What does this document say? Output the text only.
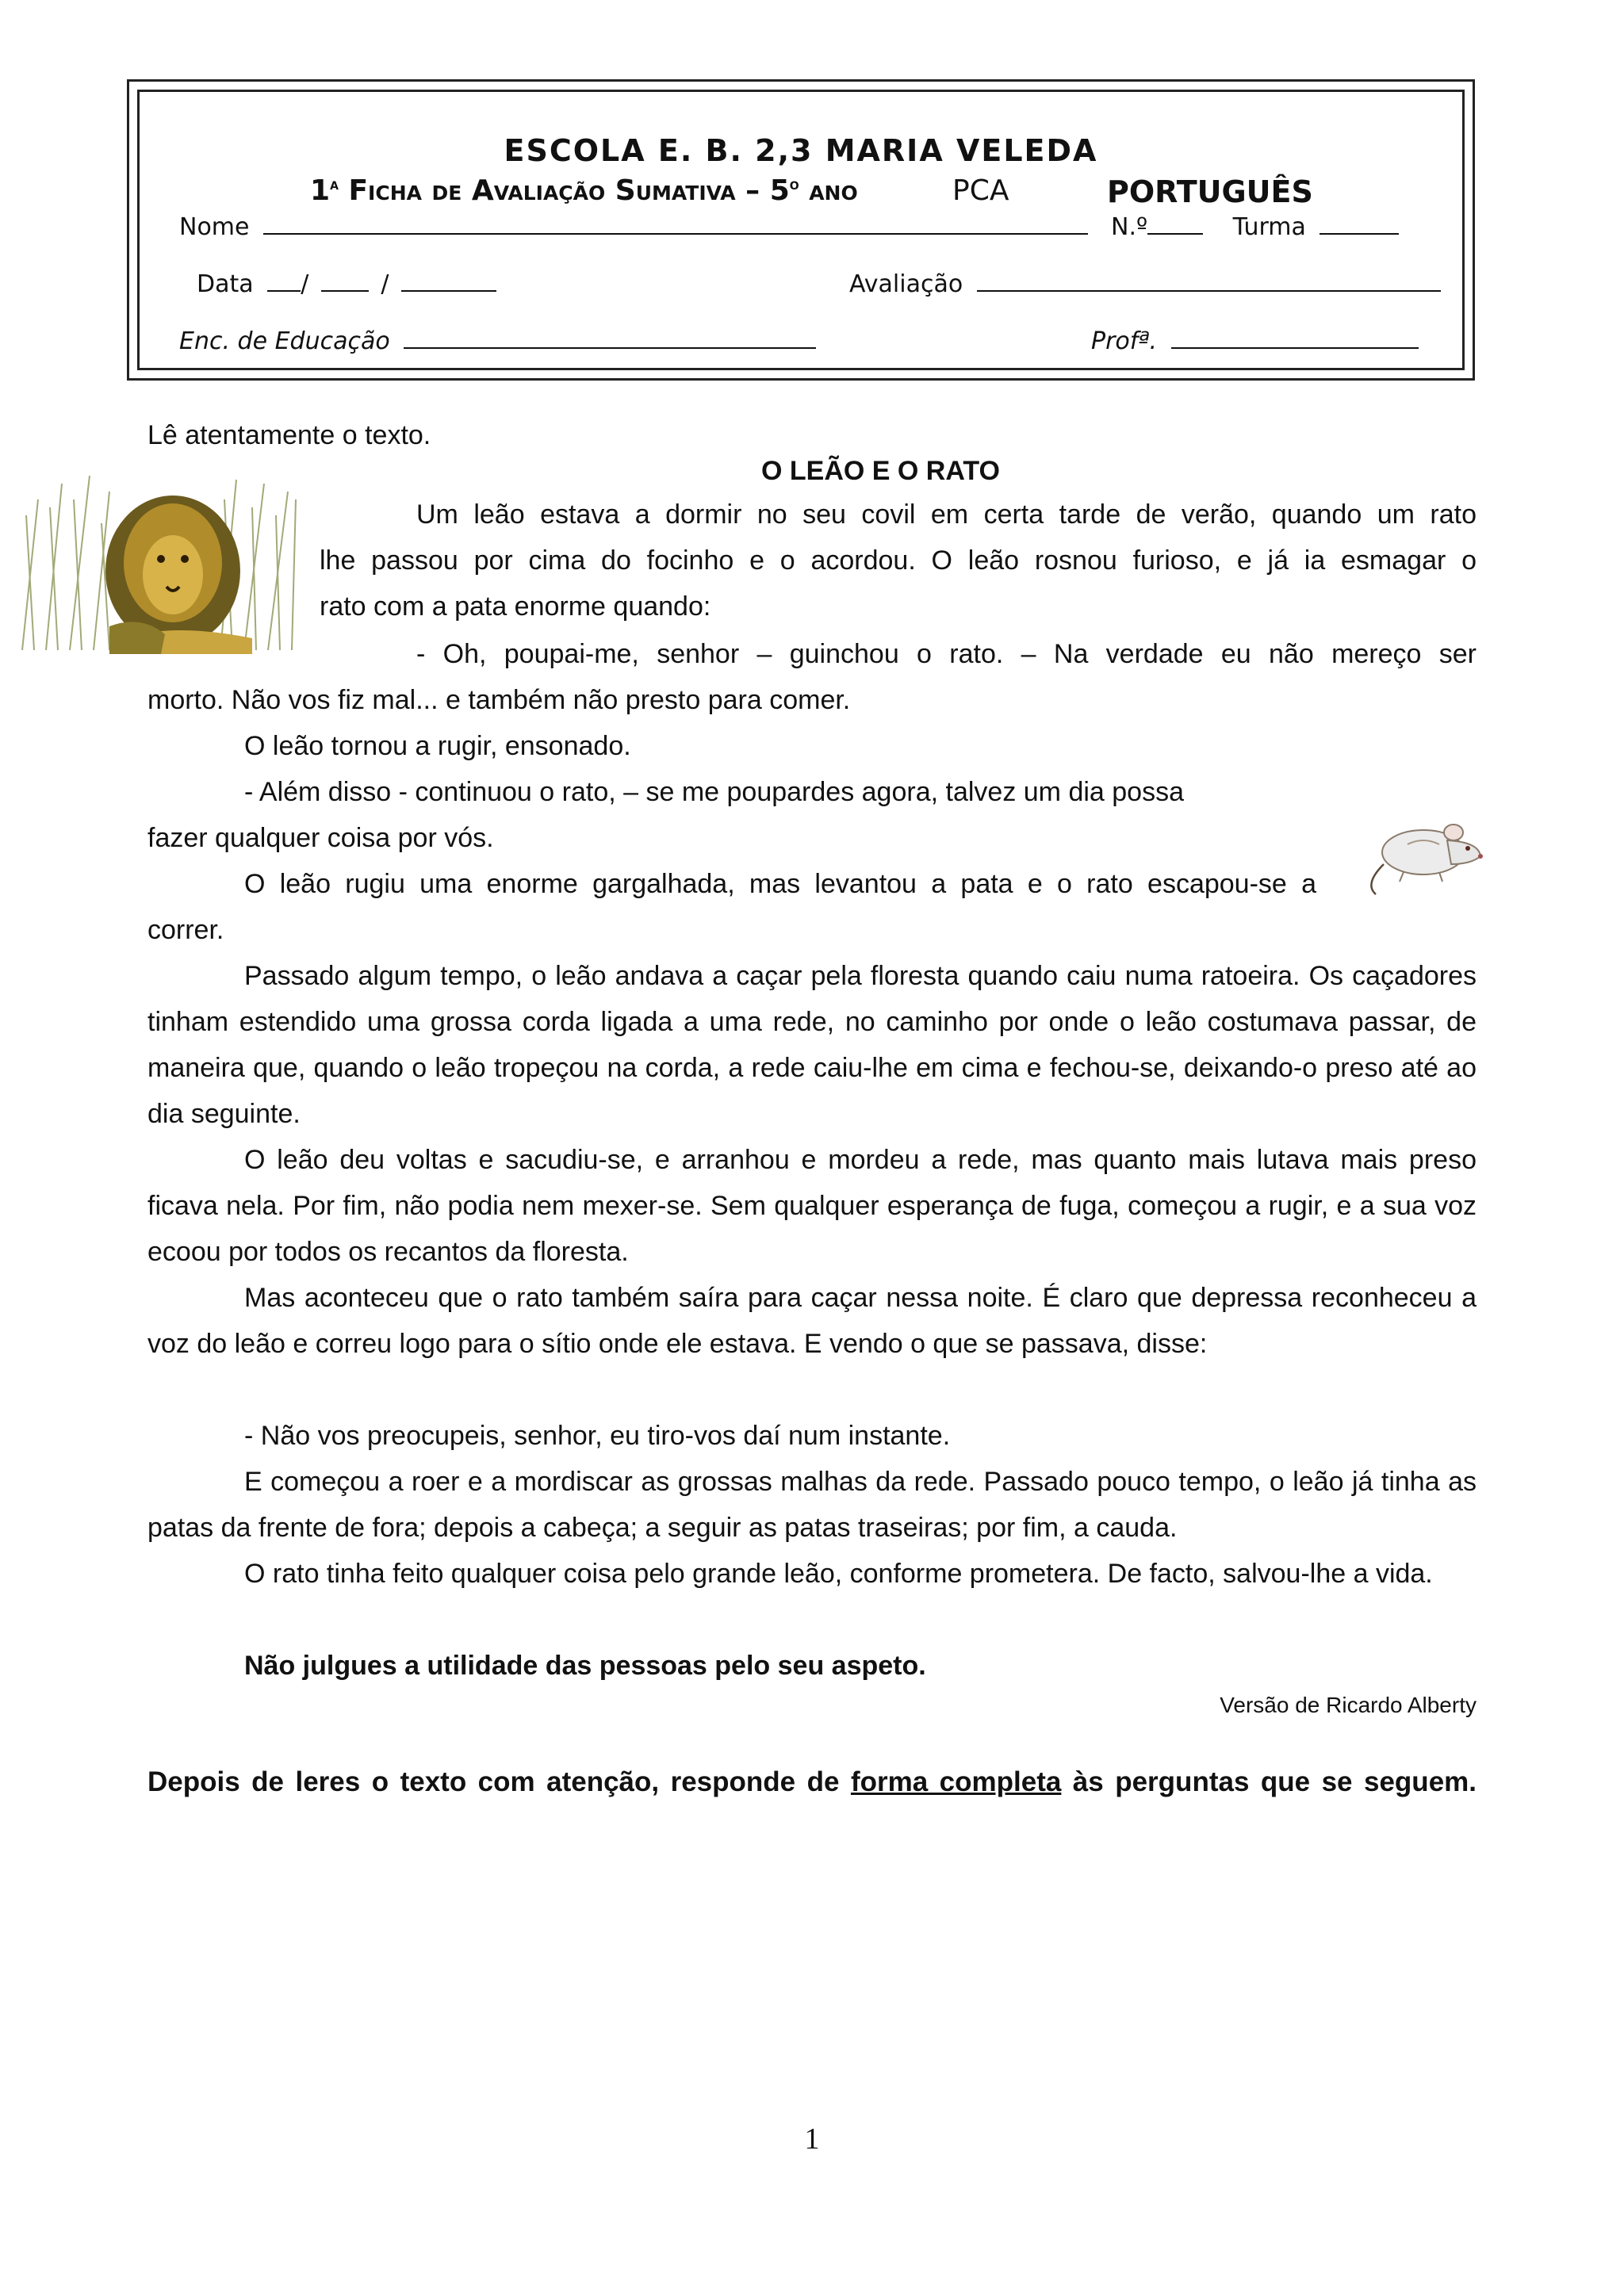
ESCOLA E. B. 2,3 MARIA VELEDA
1$^a$ Ficha de Avaliação Sumativa – 5$^o$ ano	PCA	PORTUGUÊS
Nome	N.º	Turma
Data /	/	Avaliação
Enc. de Educação	Profª.
Lê atentamente o texto.
O LEÃO E O RATO
Um leão estava a dormir no seu covil em certa tarde de verão, quando um rato
lhe passou por cima do focinho e o acordou. O leão rosnou furioso, e já ia esmagar o
rato com a pata enorme quando:
- Oh, poupai-me, senhor – guinchou o rato. – Na verdade eu não mereço ser
morto. Não vos fiz mal... e também não presto para comer.
O leão tornou a rugir, ensonado.
- Além disso - continuou o rato, – se me poupardes agora, talvez um dia possa
fazer qualquer coisa por vós.
O leão rugiu uma enorme gargalhada, mas levantou a pata e o rato escapou-se a
correr.
Passado algum tempo, o leão andava a caçar pela floresta quando caiu numa ratoeira. Os caçadores tinham estendido uma grossa corda ligada a uma rede, no caminho por onde o leão costumava passar, de maneira que, quando o leão tropeçou na corda, a rede caiu-lhe em cima e fechou-se, deixando-o preso até ao dia seguinte.
O leão deu voltas e sacudiu-se, e arranhou e mordeu a rede, mas quanto mais lutava mais preso ficava nela. Por fim, não podia nem mexer-se. Sem qualquer esperança de fuga, começou a rugir, e a sua voz ecoou por todos os recantos da floresta.
Mas aconteceu que o rato também saíra para caçar nessa noite. É claro que depressa reconheceu a voz do leão e correu logo para o sítio onde ele estava. E vendo o que se passava, disse:
- Não vos preocupeis, senhor, eu tiro-vos daí num instante.
E começou a roer e a mordiscar as grossas malhas da rede. Passado pouco tempo, o leão já tinha as patas da frente de fora; depois a cabeça; a seguir as patas traseiras; por fim, a cauda.
O rato tinha feito qualquer coisa pelo grande leão, conforme prometera. De facto, salvou-lhe a vida.
Não julgues a utilidade das pessoas pelo seu aspeto.
Versão de Ricardo Alberty
Depois de leres o texto com atenção, responde de forma completa às perguntas que se seguem.
1
